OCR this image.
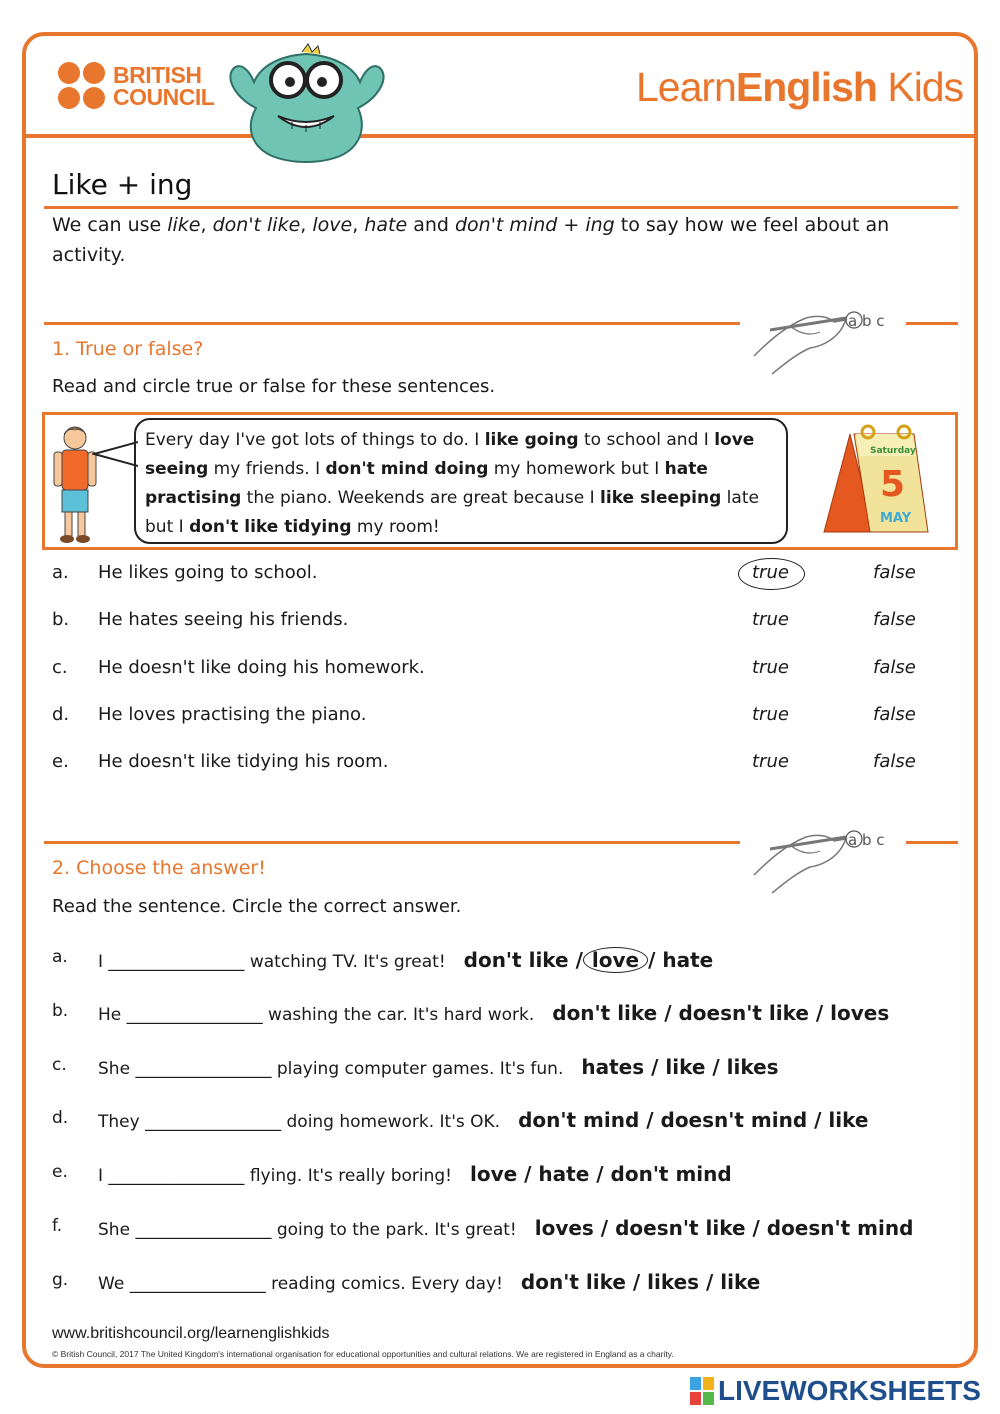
BRITISH
COUNCIL	LearnEnglish Kids
Like + ing
We can use like, don't like, love, hate and don't mind + ing to say how we feel about an activity.
a b c
1. True or false?
Read and circle true or false for these sentences.
Every day I've got lots of things to do. I like going to school and I love seeing my friends. I don't mind doing my homework but I hate practising the piano. Weekends are great because I like sleeping late but I don't like tidying my room!
Saturday
5
MAY
a. He likes going to school.	true	false
b. He hates seeing his friends.	true	false
c. He doesn't like doing his homework.	true	false
d. He loves practising the piano.	true	false
e. He doesn't like tidying his room.	true	false
a b c
2. Choose the answer!
Read the sentence. Circle the correct answer.
a. I ________________ watching TV. It's great! don't like / love / hate
b. He ________________ washing the car. It's hard work. don't like / doesn't like / loves
c. She ________________ playing computer games. It's fun. hates / like / likes
d. They ________________ doing homework. It's OK. don't mind / doesn't mind / like
e. I ________________ flying. It's really boring! love / hate / don't mind
f. She ________________ going to the park. It's great! loves / doesn't like / doesn't mind
g. We ________________ reading comics. Every day! don't like / likes / like
www.britishcouncil.org/learnenglishkids
© British Council, 2017 The United Kingdom's international organisation for educational opportunities and cultural relations. We are registered in England as a charity.
LIVEWORKSHEETS
